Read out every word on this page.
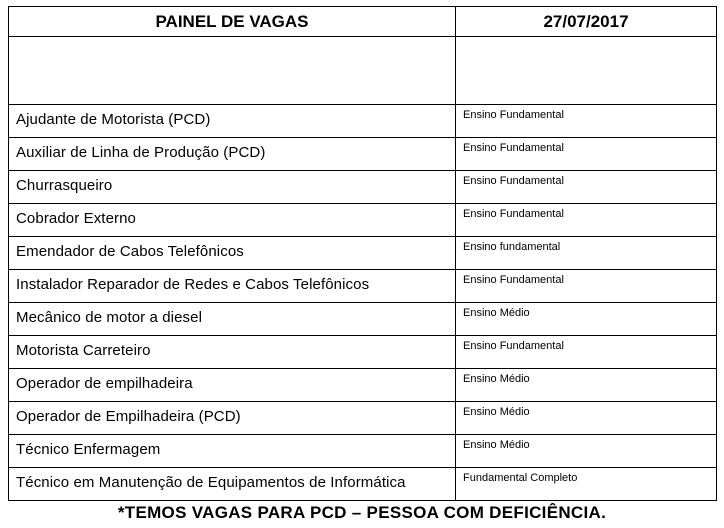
PAINEL DE VAGAS	27/07/2017

Ajudante de Motorista (PCD)	Ensino Fundamental
Auxiliar de Linha de Produção (PCD)	Ensino Fundamental
Churrasqueiro	Ensino Fundamental
Cobrador Externo	Ensino Fundamental
Emendador de Cabos Telefônicos	Ensino fundamental
Instalador Reparador de Redes e Cabos Telefônicos	Ensino Fundamental
Mecânico de motor a diesel	Ensino Médio
Motorista Carreteiro	Ensino Fundamental
Operador de empilhadeira	Ensino Médio
Operador de Empilhadeira (PCD)	Ensino Médio
Técnico Enfermagem	Ensino Médio
Técnico em Manutenção de Equipamentos de Informática	Fundamental Completo
*TEMOS VAGAS PARA PCD – PESSOA COM DEFICIÊNCIA.
